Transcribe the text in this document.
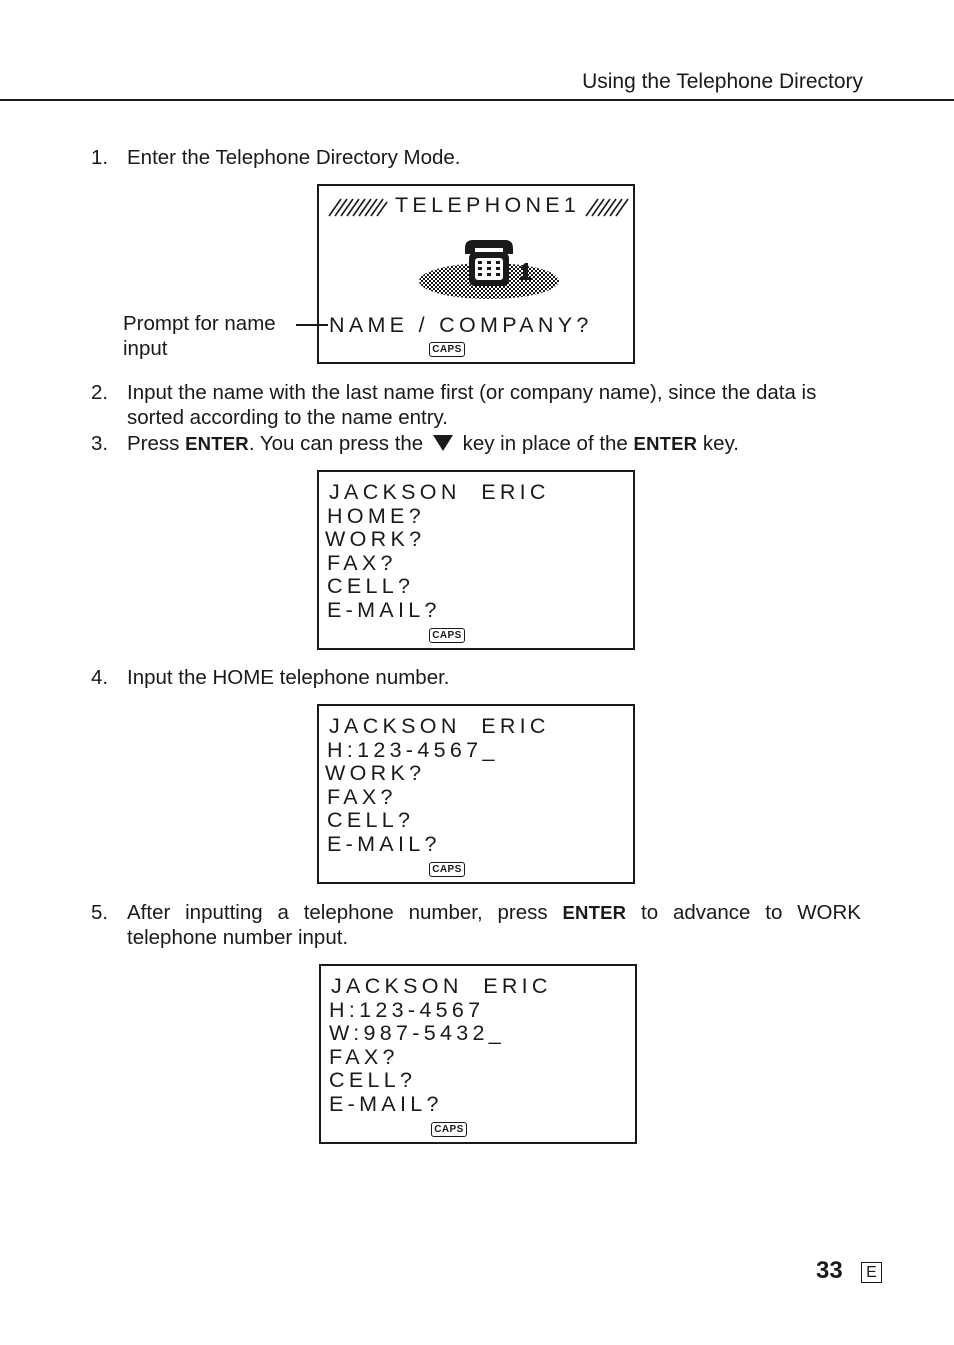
Using the Telephone Directory
1. Enter the Telephone Directory Mode.
TELEPHONE1
NAME / COMPANY?
CAPS
Prompt for name
input
2. Input the name with the last name first (or company name), since the data is sorted according to the name entry.
3. Press ENTER. You can press the  key in place of the ENTER key.
JACKSON  ERIC
HOME?
WORK?
FAX?
CELL?
E-MAIL?
CAPS
4. Input the HOME telephone number.
JACKSON  ERIC
H:123-4567_
WORK?
FAX?
CELL?
E-MAIL?
CAPS
5. After inputting a telephone number, press ENTER to advance to WORK telephone number input.
JACKSON  ERIC
H:123-4567
W:987-5432_
FAX?
CELL?
E-MAIL?
CAPS
33	E
